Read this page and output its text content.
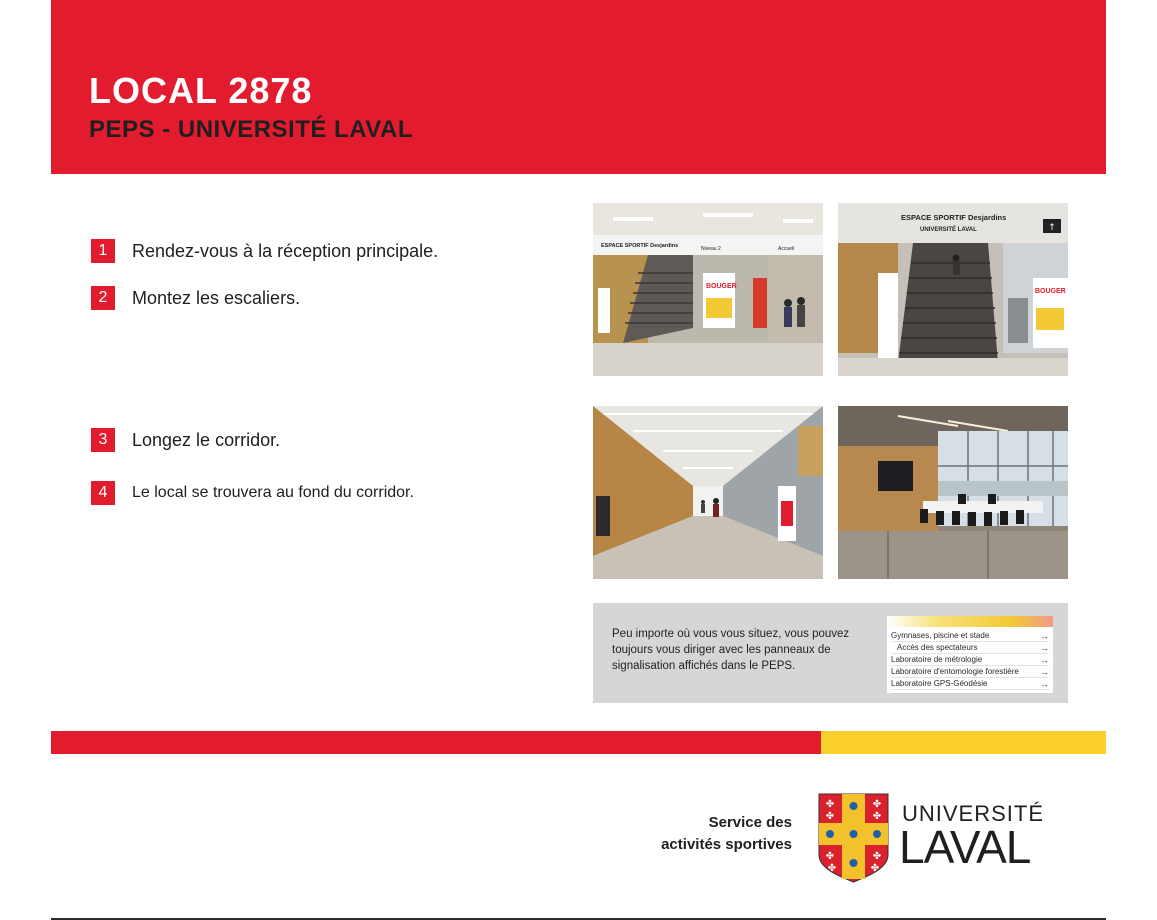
LOCAL 2878
PEPS - UNIVERSITÉ LAVAL
1	Rendez-vous à la réception principale.
2	Montez les escaliers.
3	Longez le corridor.
4	Le local se trouvera au fond du corridor.
ESPACE SPORTIF Desjardins	Niveau 2	Accueil
BOUGER
ESPACE SPORTIF Desjardins
UNIVERSITÉ LAVAL	↑
BOUGER
Peu importe où vous vous situez, vous pouvez toujours vous diriger avec les panneaux de signalisation affichés dans le PEPS.
Gymnases, piscine et stade	→
Accès des spectateurs	→
Laboratoire de métrologie	→
Laboratoire d'entomologie forestière →
Laboratoire GPS-Géodésie	→
Service des
activités sportives
✤	✤
✤	✤
✤	✤
✤	✤
UNIVERSITÉ
LAVAL
